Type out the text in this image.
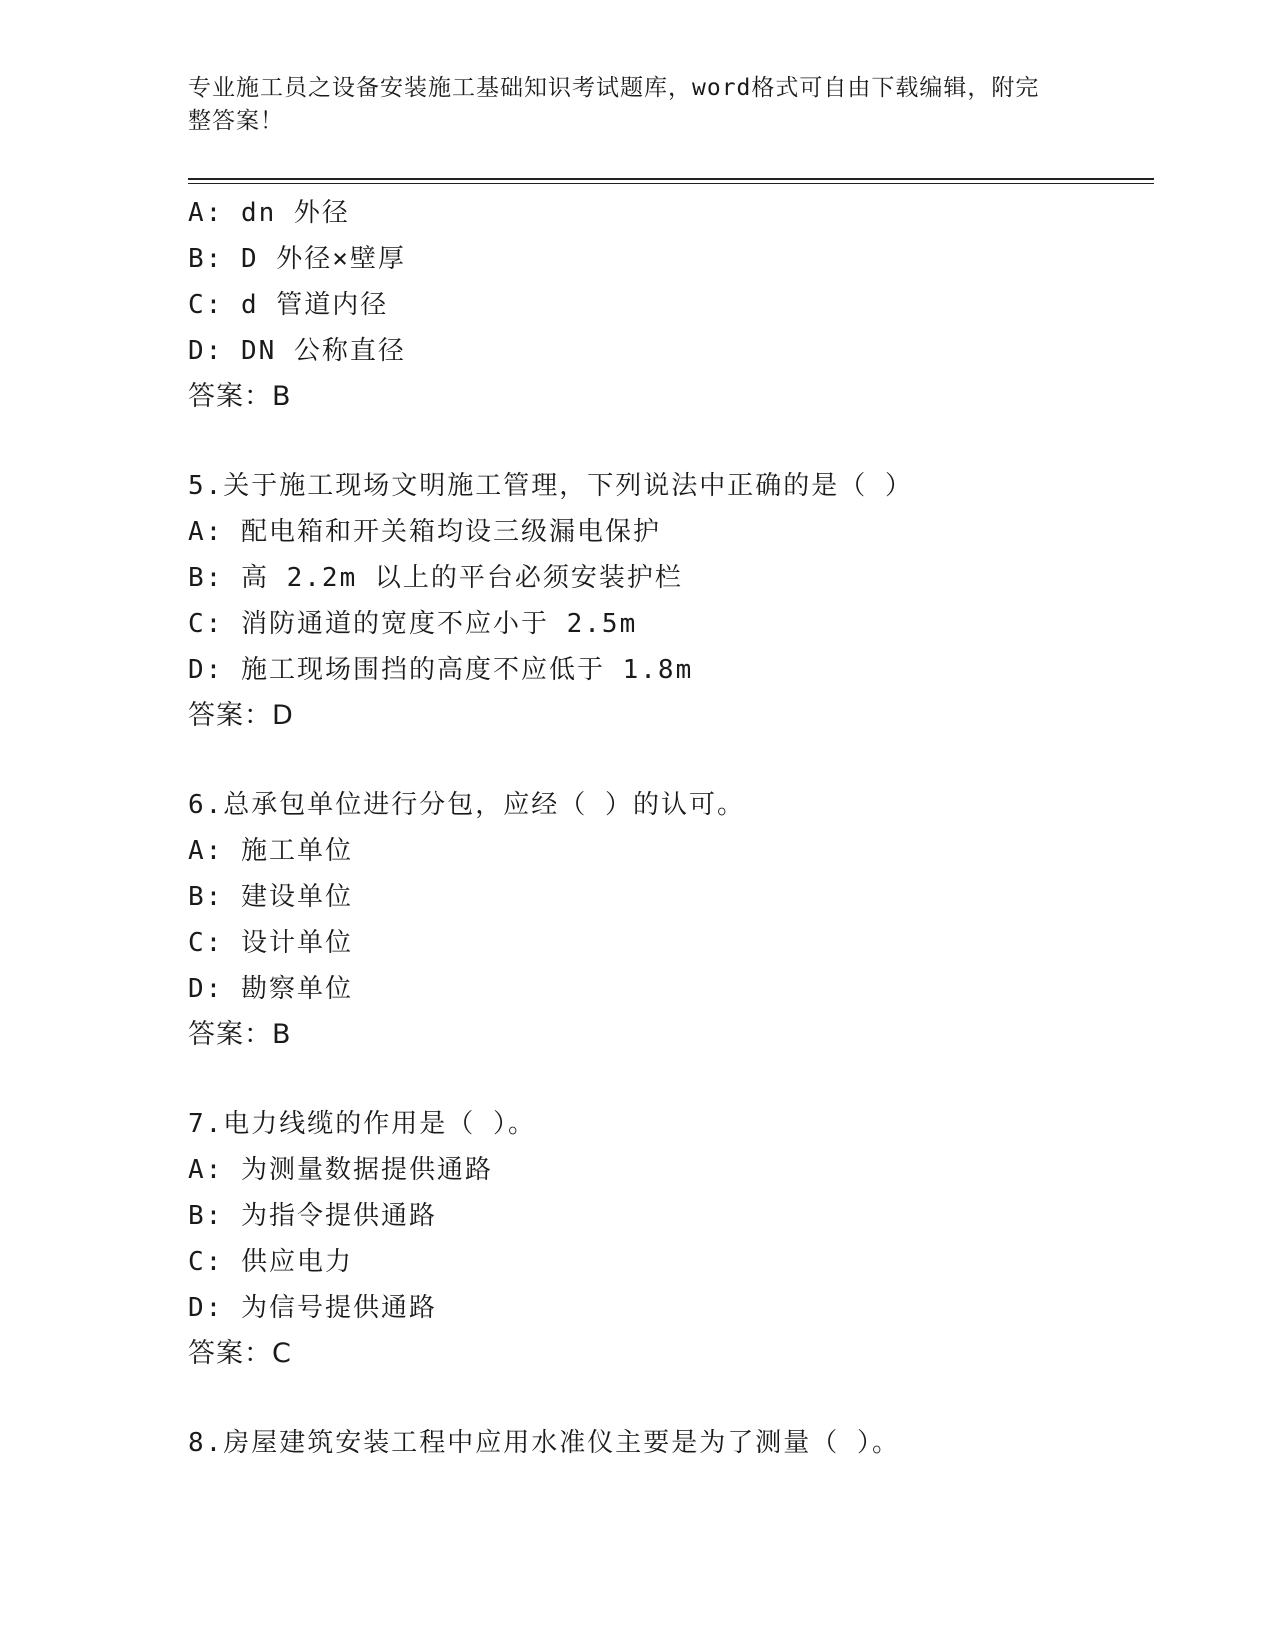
专业施工员之设备安装施工基础知识考试题库，word格式可自由下载编辑，附完
整答案！
A: dn 外径
B: D 外径×壁厚
C: d 管道内径
D: DN 公称直径
答案：B
5.关于施工现场文明施工管理，下列说法中正确的是（ ）
A: 配电箱和开关箱均设三级漏电保护
B: 高 2.2m 以上的平台必须安装护栏
C: 消防通道的宽度不应小于 2.5m
D: 施工现场围挡的高度不应低于 1.8m
答案：D
6.总承包单位进行分包，应经（ ）的认可。
A: 施工单位
B: 建设单位
C: 设计单位
D: 勘察单位
答案：B
7.电力线缆的作用是（ ）。
A: 为测量数据提供通路
B: 为指令提供通路
C: 供应电力
D: 为信号提供通路
答案：C
8.房屋建筑安装工程中应用水准仪主要是为了测量（ ）。
